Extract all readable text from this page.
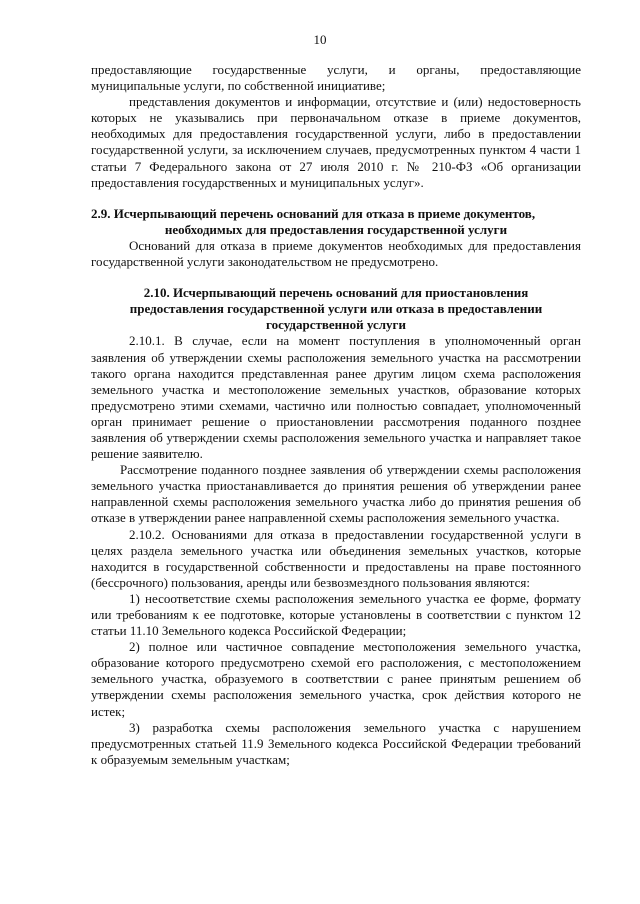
10

предоставляющие государственные услуги, и органы, предоставляющие муниципальные услуги, по собственной инициативе;

представления документов и информации, отсутствие и (или) недостоверность которых не указывались при первоначальном отказе в приеме документов, необходимых для предоставления государственной услуги, либо в предоставлении государственной услуги, за исключением случаев, предусмотренных пунктом 4 части 1 статьи 7 Федерального закона от 27 июля 2010 г. № 210-ФЗ «Об организации предоставления государственных и муниципальных услуг».

2.9. Исчерпывающий перечень оснований для отказа в приеме документов,

необходимых для предоставления государственной услуги

Оснований для отказа в приеме документов необходимых для предоставления государственной услуги законодательством не предусмотрено.

2.10. Исчерпывающий перечень оснований для приостановления

предоставления государственной услуги или отказа в предоставлении

государственной услуги

2.10.1. В случае, если на момент поступления в уполномоченный орган заявления об утверждении схемы расположения земельного участка на рассмотрении такого органа находится представленная ранее другим лицом схема расположения земельного участка и местоположение земельных участков, образование которых предусмотрено этими схемами, частично или полностью совпадает, уполномоченный орган принимает решение о приостановлении рассмотрения поданного позднее заявления об утверждении схемы расположения земельного участка и направляет такое решение заявителю.

Рассмотрение поданного позднее заявления об утверждении схемы расположения земельного участка приостанавливается до принятия решения об утверждении ранее направленной схемы расположения земельного участка либо до принятия решения об отказе в утверждении ранее направленной схемы расположения земельного участка.

2.10.2. Основаниями для отказа в предоставлении государственной услуги в целях раздела земельного участка или объединения земельных участков, которые находится в государственной собственности и предоставлены на праве постоянного (бессрочного) пользования, аренды или безвозмездного пользования являются:

1) несоответствие схемы расположения земельного участка ее форме, формату или требованиям к ее подготовке, которые установлены в соответствии с пунктом 12 статьи 11.10 Земельного кодекса Российской Федерации;

2) полное или частичное совпадение местоположения земельного участка, образование которого предусмотрено схемой его расположения, с местоположением земельного участка, образуемого в соответствии с ранее принятым решением об утверждении схемы расположения земельного участка, срок действия которого не истек;

3) разработка схемы расположения земельного участка с нарушением предусмотренных статьей 11.9 Земельного кодекса Российской Федерации требований к образуемым земельным участкам;
